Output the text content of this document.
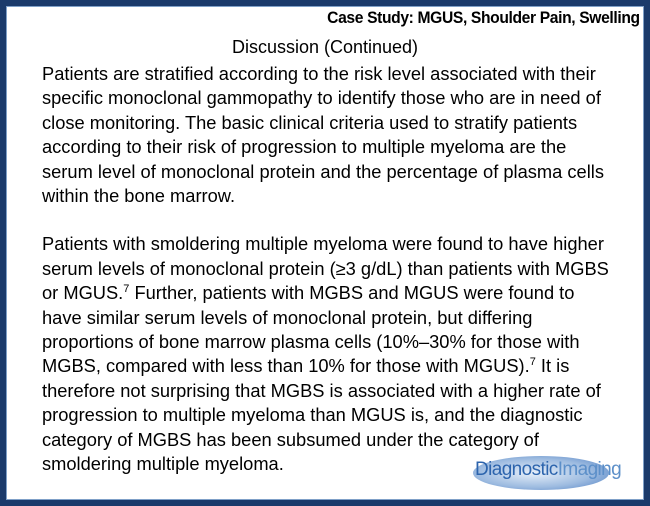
Case Study: MGUS, Shoulder Pain, Swelling
Discussion (Continued)

Patients are stratified according to the risk level associated with their specific monoclonal gammopathy to identify those who are in need of close monitoring. The basic clinical criteria used to stratify patients according to their risk of progression to multiple myeloma are the serum level of monoclonal protein and the percentage of plasma cells within the bone marrow.

Patients with smoldering multiple myeloma were found to have higher serum levels of monoclonal protein (≥3 g/dL) than patients with MGBS or MGUS.$^7$ Further, patients with MGBS and MGUS were found to have similar serum levels of monoclonal protein, but differing proportions of bone marrow plasma cells (10%–30% for those with MGBS, compared with less than 10% for those with MGUS).$^7$ It is therefore not surprising that MGBS is associated with a higher rate of progression to multiple myeloma than MGUS is, and the diagnostic category of MGBS has been subsumed under the category of smoldering multiple myeloma.	DiagnosticImaging
